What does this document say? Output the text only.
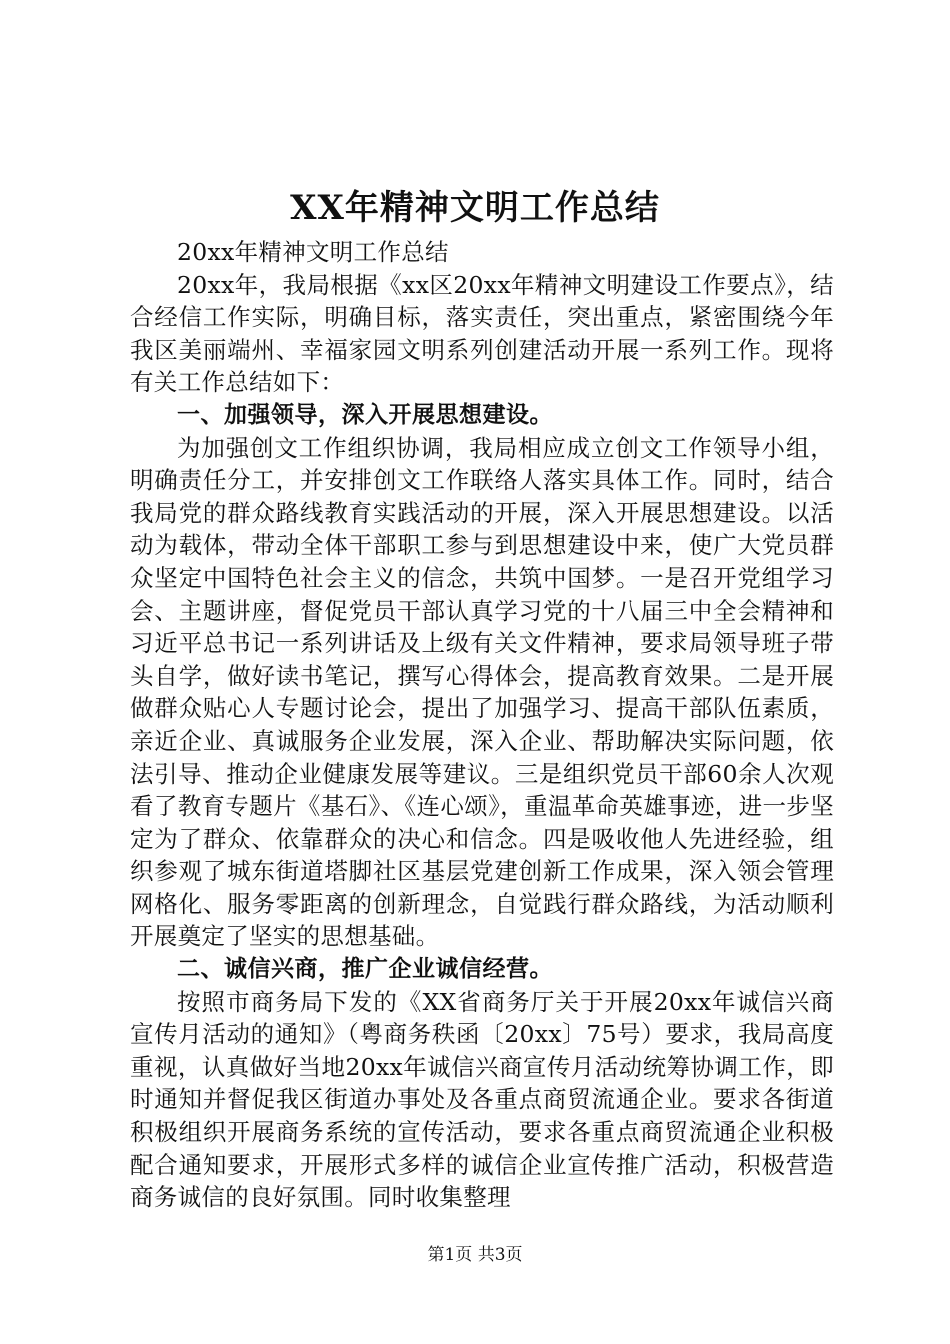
XX年精神文明工作总结

20xx年精神文明工作总结

20xx年，我局根据《xx区20xx年精神文明建设工作要点》，结合经信工作实际，明确目标，落实责任，突出重点，紧密围绕今年我区美丽端州、幸福家园文明系列创建活动开展一系列工作。现将有关工作总结如下：

一、加强领导，深入开展思想建设。

为加强创文工作组织协调，我局相应成立创文工作领导小组，明确责任分工，并安排创文工作联络人落实具体工作。同时，结合我局党的群众路线教育实践活动的开展，深入开展思想建设。以活动为载体，带动全体干部职工参与到思想建设中来，使广大党员群众坚定中国特色社会主义的信念，共筑中国梦。一是召开党组学习会、主题讲座，督促党员干部认真学习党的十八届三中全会精神和习近平总书记一系列讲话及上级有关文件精神，要求局领导班子带头自学，做好读书笔记，撰写心得体会，提高教育效果。二是开展做群众贴心人专题讨论会，提出了加强学习、提高干部队伍素质，亲近企业、真诚服务企业发展，深入企业、帮助解决实际问题，依法引导、推动企业健康发展等建议。三是组织党员干部60余人次观看了教育专题片《基石》、《连心颂》，重温革命英雄事迹，进一步坚定为了群众、依靠群众的决心和信念。四是吸收他人先进经验，组织参观了城东街道塔脚社区基层党建创新工作成果，深入领会管理网格化、服务零距离的创新理念，自觉践行群众路线，为活动顺利开展奠定了坚实的思想基础。

二、诚信兴商，推广企业诚信经营。

按照市商务局下发的《XX省商务厅关于开展20xx年诚信兴商宣传月活动的通知》（粤商务秩函〔20xx〕75号）要求，我局高度重视，认真做好当地20xx年诚信兴商宣传月活动统筹协调工作，即时通知并督促我区街道办事处及各重点商贸流通企业。要求各街道积极组织开展商务系统的宣传活动，要求各重点商贸流通企业积极配合通知要求，开展形式多样的诚信企业宣传推广活动，积极营造商务诚信的良好氛围。同时收集整理

第1页 共3页
